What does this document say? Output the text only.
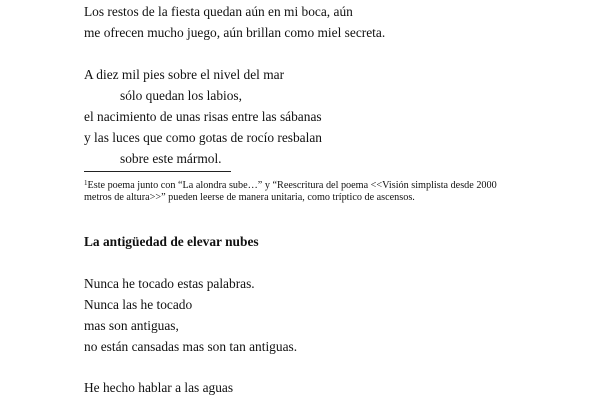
Los restos de la fiesta quedan aún en mi boca, aún
me ofrecen mucho juego, aún brillan como miel secreta.
A diez mil pies sobre el nivel del mar
sólo quedan los labios,
el nacimiento de unas risas entre las sábanas
y las luces que como gotas de rocío resbalan
sobre este mármol.
$^1$Este poema junto con “La alondra sube…” y “Reescritura del poema <<Visión simplista desde 2000
metros de altura>>” pueden leerse de manera unitaria, como tríptico de ascensos.
La antigüedad de elevar nubes
Nunca he tocado estas palabras.
Nunca las he tocado
mas son antiguas,
no están cansadas mas son tan antiguas.
He hecho hablar a las aguas
